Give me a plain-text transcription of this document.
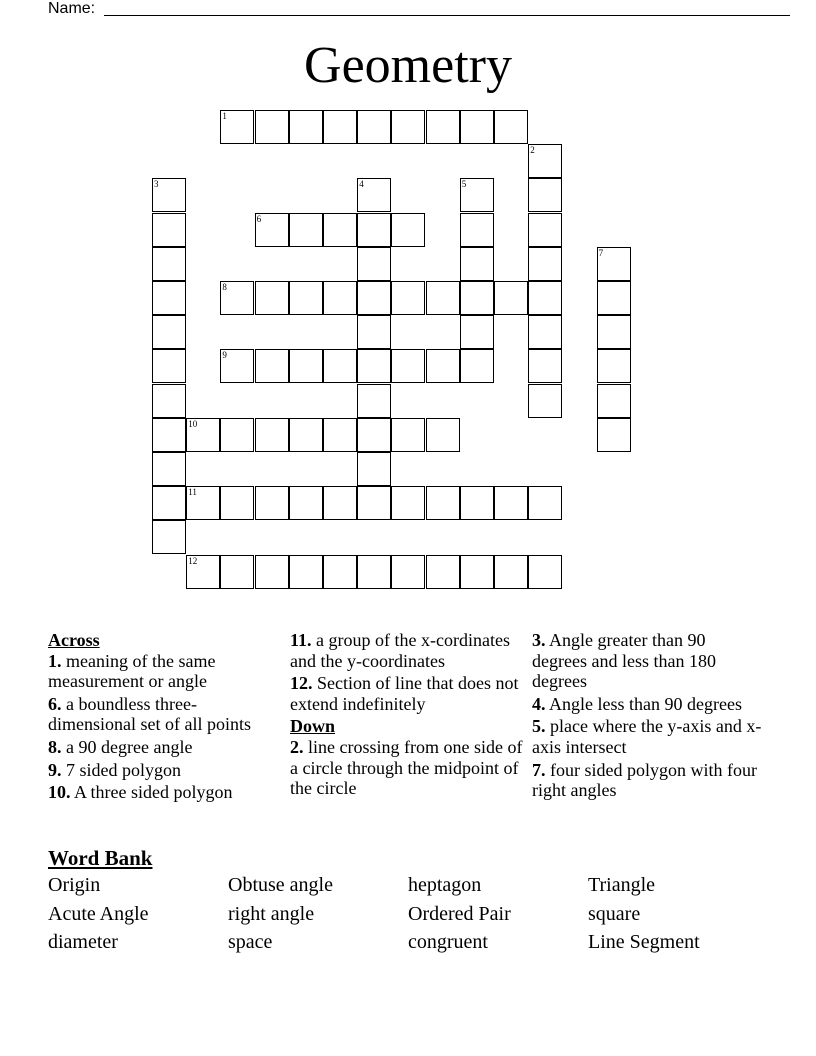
Name:
Geometry
1
2
3	4	5
6
7
8
9
10
11
12
Across
1. meaning of the same measurement or angle
6. a boundless three-dimensional set of all points
8. a 90 degree angle
9. 7 sided polygon
10. A three sided polygon
11. a group of the x-cordinates and the y-coordinates
12. Section of line that does not extend indefinitely
Down
2. line crossing from one side of a circle through the midpoint of the circle
3. Angle greater than 90 degrees and less than 180 degrees
4. Angle less than 90 degrees
5. place where the y-axis and x-axis intersect
7. four sided polygon with four right angles
Word Bank
Origin	Obtuse angle	heptagon	Triangle
Acute Angle	right angle	Ordered Pair	square
diameter	space	congruent	Line Segment
